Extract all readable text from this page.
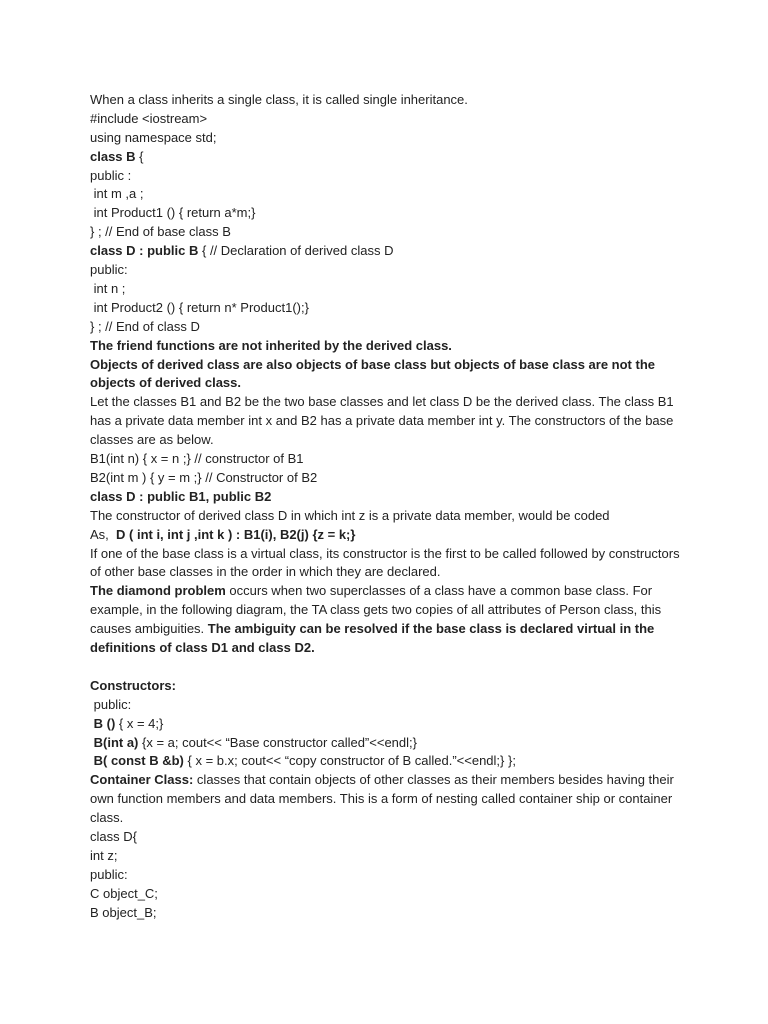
When a class inherits a single class, it is called single inheritance.
#include <iostream>
using namespace std;
class B {
public :
int m ,a ;
int Product1 () { return a*m;}
} ; // End of base class B
class D : public B { // Declaration of derived class D
public:
int n ;
int Product2 () { return n* Product1();}
} ; // End of class D
The friend functions are not inherited by the derived class.
Objects of derived class are also objects of base class but objects of base class are not the objects of derived class.
Let the classes B1 and B2 be the two base classes and let class D be the derived class. The class B1 has a private data member int x and B2 has a private data member int y. The constructors of the base classes are as below.
B1(int n) { x = n ;} // constructor of B1
B2(int m ) { y = m ;} // Constructor of B2
class D : public B1, public B2
The constructor of derived class D in which int z is a private data member, would be coded
As,  D ( int i, int j ,int k ) : B1(i), B2(j) {z = k;}
If one of the base class is a virtual class, its constructor is the first to be called followed by constructors of other base classes in the order in which they are declared.
The diamond problem occurs when two superclasses of a class have a common base class. For example, in the following diagram, the TA class gets two copies of all attributes of Person class, this causes ambiguities. The ambiguity can be resolved if the base class is declared virtual in the definitions of class D1 and class D2.
Constructors:
public:
B () { x = 4;}
B(int a) {x = a; cout<< “Base constructor called”<<endl;}
B( const B &b) { x = b.x; cout<< “copy constructor of B called.”<<endl;} };
Container Class: classes that contain objects of other classes as their members besides having their own function members and data members. This is a form of nesting called container ship or container class.
class D{
int z;
public:
C object_C;
B object_B;
